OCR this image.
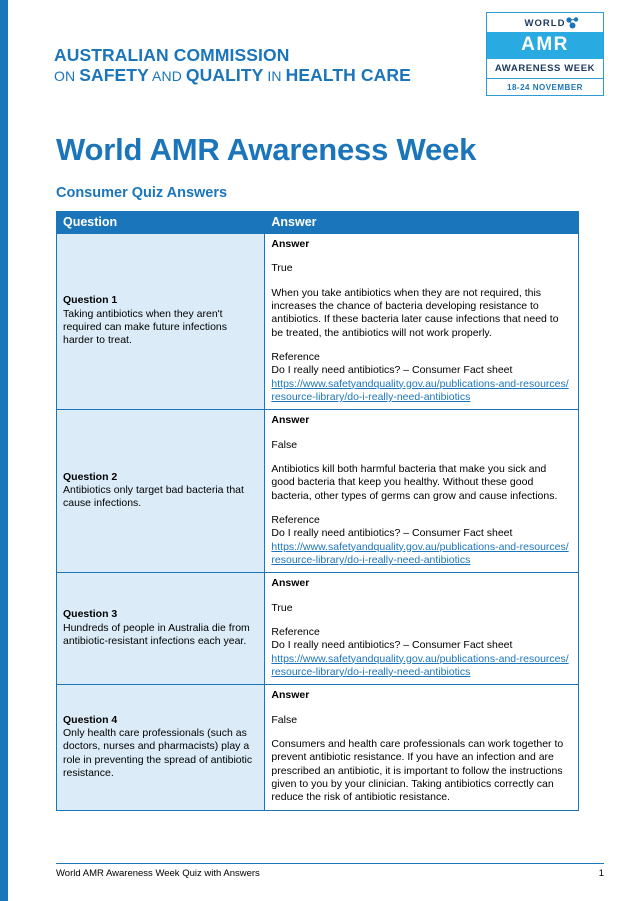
AUSTRALIAN COMMISSION
ON SAFETY AND QUALITY IN HEALTH CARE
WORLD
AMR
AWARENESS WEEK
18-24 NOVEMBER
World AMR Awareness Week
Consumer Quiz Answers
Question	Answer

Question 1
Taking antibiotics when they aren't required can make future infections harder to treat.	
Answer
True
When you take antibiotics when they are not required, this increases the chance of bacteria developing resistance to antibiotics. If these bacteria later cause infections that need to be treated, the antibiotics will not work properly.
Reference
Do I really need antibiotics? – Consumer Fact sheet
https://www.safetyandquality.gov.au/publications-and-resources/resource-library/do-i-really-need-antibiotics

Question 2
Antibiotics only target bad bacteria that cause infections.	
Answer
False
Antibiotics kill both harmful bacteria that make you sick and good bacteria that keep you healthy. Without these good bacteria, other types of germs can grow and cause infections.
Reference
Do I really need antibiotics? – Consumer Fact sheet
https://www.safetyandquality.gov.au/publications-and-resources/resource-library/do-i-really-need-antibiotics

Question 3
Hundreds of people in Australia die from antibiotic-resistant infections each year.	
Answer
True
Reference
Do I really need antibiotics? – Consumer Fact sheet
https://www.safetyandquality.gov.au/publications-and-resources/resource-library/do-i-really-need-antibiotics

Question 4
Only health care professionals (such as doctors, nurses and pharmacists) play a role in preventing the spread of antibiotic resistance.	
Answer
False
Consumers and health care professionals can work together to prevent antibiotic resistance. If you have an infection and are prescribed an antibiotic, it is important to follow the instructions given to you by your clinician. Taking antibiotics correctly can reduce the risk of antibiotic resistance.
World AMR Awareness Week Quiz with Answers	1
